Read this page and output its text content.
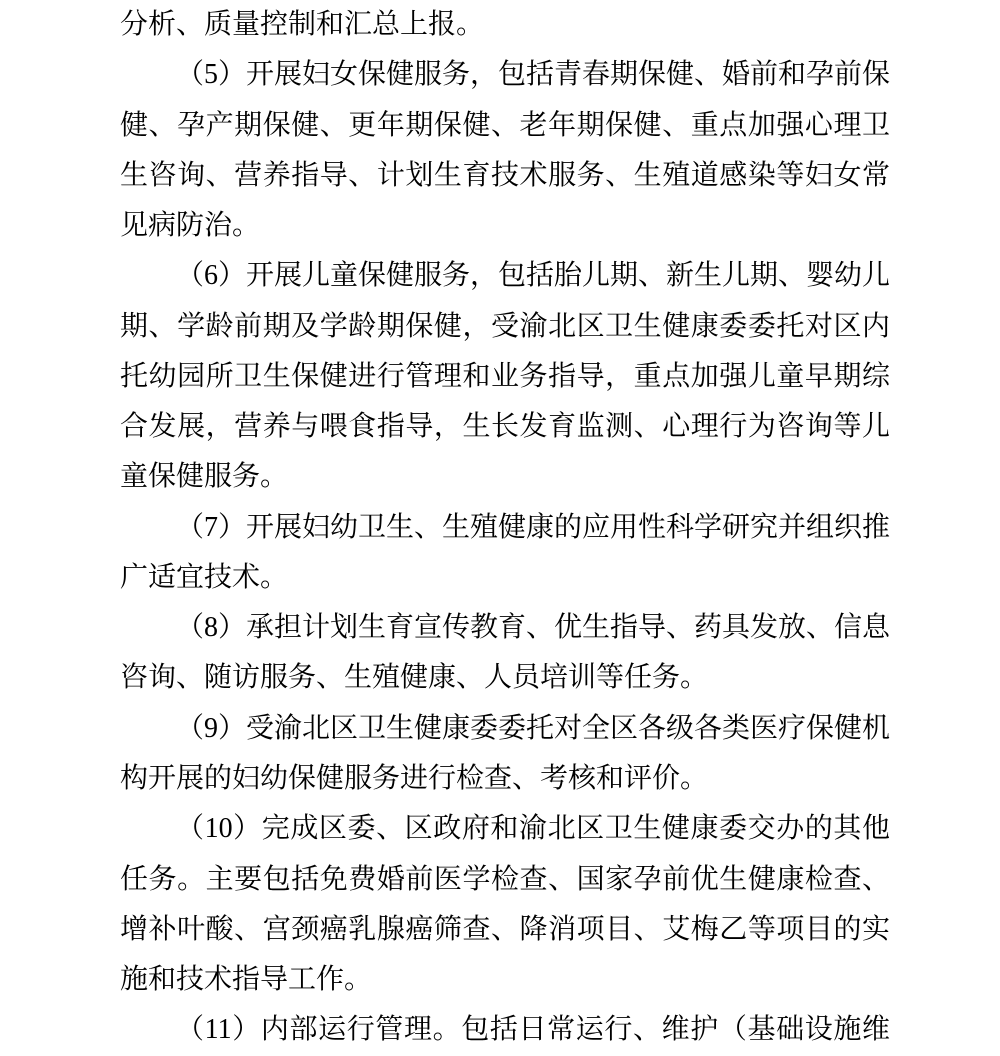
分析、质量控制和汇总上报。
（5）开展妇女保健服务，包括青春期保健、婚前和孕前保
健、孕产期保健、更年期保健、老年期保健、重点加强心理卫
生咨询、营养指导、计划生育技术服务、生殖道感染等妇女常
见病防治。
（6）开展儿童保健服务，包括胎儿期、新生儿期、婴幼儿
期、学龄前期及学龄期保健，受渝北区卫生健康委委托对区内
托幼园所卫生保健进行管理和业务指导，重点加强儿童早期综
合发展，营养与喂食指导，生长发育监测、心理行为咨询等儿
童保健服务。
（7）开展妇幼卫生、生殖健康的应用性科学研究并组织推
广适宜技术。
（8）承担计划生育宣传教育、优生指导、药具发放、信息
咨询、随访服务、生殖健康、人员培训等任务。
（9）受渝北区卫生健康委委托对全区各级各类医疗保健机
构开展的妇幼保健服务进行检查、考核和评价。
（10）完成区委、区政府和渝北区卫生健康委交办的其他
任务。主要包括免费婚前医学检查、国家孕前优生健康检查、
增补叶酸、宫颈癌乳腺癌筛查、降消项目、艾梅乙等项目的实
施和技术指导工作。
（11）内部运行管理。包括日常运行、维护（基础设施维
